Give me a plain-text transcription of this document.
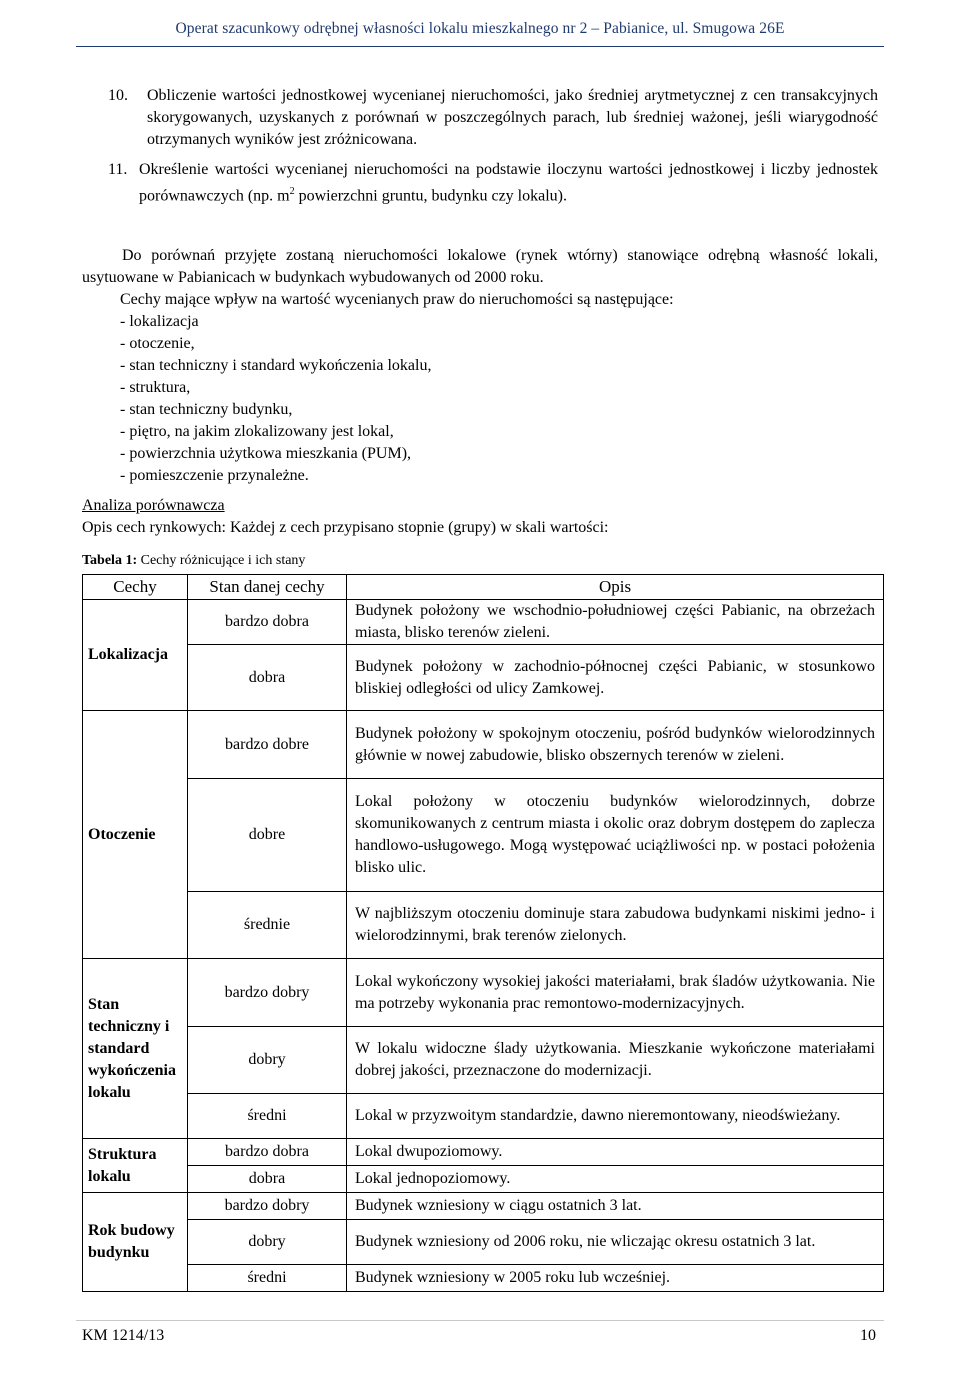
Operat szacunkowy odrębnej własności lokalu mieszkalnego nr 2 – Pabianice, ul. Smugowa 26E
10. Obliczenie wartości jednostkowej wycenianej nieruchomości, jako średniej arytmetycznej z cen transakcyjnych skorygowanych, uzyskanych z porównań w poszczególnych parach, lub średniej ważonej, jeśli wiarygodność otrzymanych wyników jest zróżnicowana.
11. Określenie wartości wycenianej nieruchomości na podstawie iloczynu wartości jednostkowej i liczby jednostek porównawczych (np. $m^2$ powierzchni gruntu, budynku czy lokalu).
Do porównań przyjęte zostaną nieruchomości lokalowe (rynek wtórny) stanowiące odrębną własność lokali, usytuowane w Pabianicach w budynkach wybudowanych od 2000 roku.
Cechy mające wpływ na wartość wycenianych praw do nieruchomości są następujące:
- lokalizacja
- otoczenie,
- stan techniczny i standard wykończenia lokalu,
- struktura,
- stan techniczny budynku,
- piętro, na jakim zlokalizowany jest lokal,
- powierzchnia użytkowa mieszkania (PUM),
- pomieszczenie przynależne.
Analiza porównawcza
Opis cech rynkowych: Każdej z cech przypisano stopnie (grupy) w skali wartości:
Tabela 1: Cechy różnicujące i ich stany
Cechy	Stan danej cechy	Opis
Lokalizacja	bardzo dobra	Budynek położony we wschodnio-południowej części Pabianic, na obrzeżach miasta, blisko terenów zieleni.
	dobra	Budynek położony w zachodnio-północnej części Pabianic, w stosunkowo bliskiej odległości od ulicy Zamkowej.
Otoczenie	bardzo dobre	Budynek położony w spokojnym otoczeniu, pośród budynków wielorodzinnych głównie w nowej zabudowie, blisko obszernych terenów w zieleni.
	dobre	Lokal położony w otoczeniu budynków wielorodzinnych, dobrze skomunikowanych z centrum miasta i okolic oraz dobrym dostępem do zaplecza handlowo-usługowego. Mogą występować uciążliwości np. w postaci położenia blisko ulic.
	średnie	W najbliższym otoczeniu dominuje stara zabudowa budynkami niskimi jedno- i wielorodzinnymi, brak terenów zielonych.
Stan techniczny i standard wykończenia lokalu	bardzo dobry	Lokal wykończony wysokiej jakości materiałami, brak śladów użytkowania. Nie ma potrzeby wykonania prac remontowo-modernizacyjnych.
	dobry	W lokalu widoczne ślady użytkowania. Mieszkanie wykończone materiałami dobrej jakości, przeznaczone do modernizacji.
	średni	Lokal w przyzwoitym standardzie, dawno nieremontowany, nieodświeżany.
Struktura lokalu	bardzo dobra	Lokal dwupoziomowy.
	dobra	Lokal jednopoziomowy.
Rok budowy budynku	bardzo dobry	Budynek wzniesiony w ciągu ostatnich 3 lat.
	dobry	Budynek wzniesiony od 2006 roku, nie wliczając okresu ostatnich 3 lat.
	średni	Budynek wzniesiony w 2005 roku lub wcześniej.
KM 1214/13	10
